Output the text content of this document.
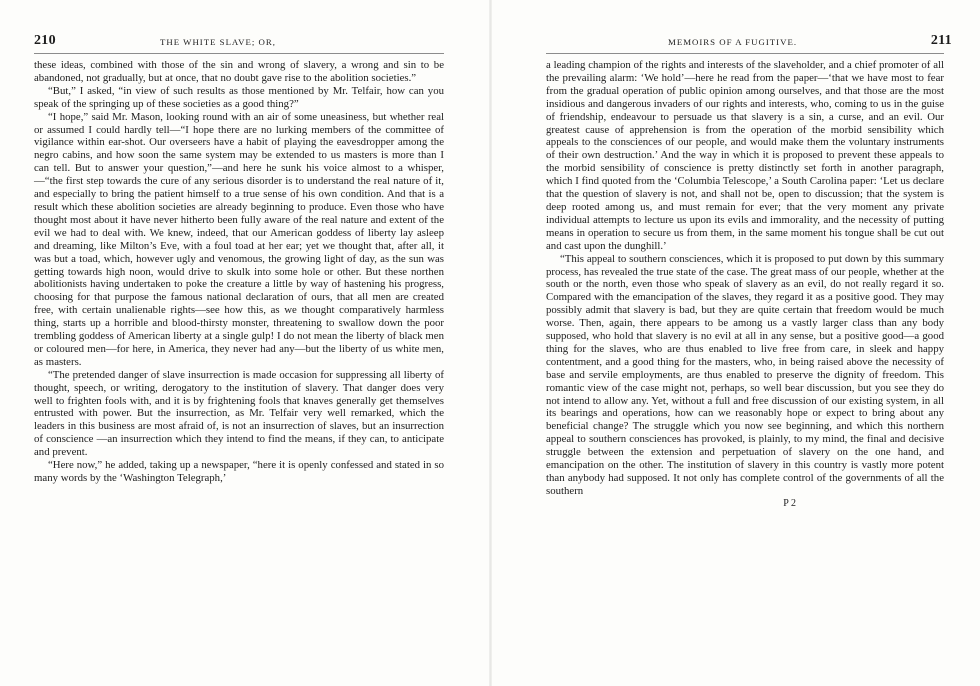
210	THE WHITE SLAVE; OR,

these ideas, combined with those of the sin and wrong of slavery, a wrong and sin to be abandoned, not gradually, but at once, that no doubt gave rise to the abolition societies.”

“But,” I asked, “in view of such results as those mentioned by Mr. Telfair, how can you speak of the springing up of these societies as a good thing?”

“I hope,” said Mr. Mason, looking round with an air of some uneasiness, but whether real or assumed I could hardly tell—“I hope there are no lurking members of the committee of vigilance within ear-shot. Our overseers have a habit of playing the eavesdropper among the negro cabins, and how soon the same system may be extended to us masters is more than I can tell. But to answer your question,”—and here he sunk his voice almost to a whisper,—“the first step towards the cure of any serious disorder is to understand the real nature of it, and especially to bring the patient himself to a true sense of his own condition. And that is a result which these abolition societies are already beginning to produce. Even those who have thought most about it have never hitherto been fully aware of the real nature and extent of the evil we had to deal with. We knew, indeed, that our American goddess of liberty lay asleep and dreaming, like Milton’s Eve, with a foul toad at her ear; yet we thought that, after all, it was but a toad, which, however ugly and venomous, the growing light of day, as the sun was getting towards high noon, would drive to skulk into some hole or other. But these northen abolitionists having undertaken to poke the creature a little by way of hastening his progress, choosing for that purpose the famous national declaration of ours, that all men are created free, with certain unalienable rights—see how this, as we thought comparatively harmless thing, starts up a horrible and blood-thirsty monster, threatening to swallow down the poor trembling goddess of American liberty at a single gulp! I do not mean the liberty of black men or coloured men—for here, in America, they never had any—but the liberty of us white men, as masters.

“The pretended danger of slave insurrection is made occasion for suppressing all liberty of thought, speech, or writing, derogatory to the institution of slavery. That danger does very well to frighten fools with, and it is by frightening fools that knaves generally get themselves entrusted with power. But the insurrection, as Mr. Telfair very well remarked, which the leaders in this business are most afraid of, is not an insurrection of slaves, but an insurrection of conscience —an insurrection which they intend to find the means, if they can, to anticipate and prevent.

“Here now,” he added, taking up a newspaper, “here it is openly confessed and stated in so many words by the ‘Washington Telegraph,’

MEMOIRS OF A FUGITIVE.	211

a leading champion of the rights and interests of the slaveholder, and a chief promoter of all the prevailing alarm: ‘We hold’—here he read from the paper—‘that we have most to fear from the gradual operation of public opinion among ourselves, and that those are the most insidious and dangerous invaders of our rights and interests, who, coming to us in the guise of friendship, endeavour to persuade us that slavery is a sin, a curse, and an evil. Our greatest cause of apprehension is from the operation of the morbid sensibility which appeals to the consciences of our people, and would make them the voluntary instruments of their own destruction.’ And the way in which it is proposed to prevent these appeals to the morbid sensibility of conscience is pretty distinctly set forth in another paragraph, which I find quoted from the ‘Columbia Telescope,’ a South Carolina paper: ‘Let us declare that the question of slavery is not, and shall not be, open to discussion; that the system is deep rooted among us, and must remain for ever; that the very moment any private individual attempts to lecture us upon its evils and immorality, and the necessity of putting means in operation to secure us from them, in the same moment his tongue shall be cut out and cast upon the dunghill.’

“This appeal to southern consciences, which it is proposed to put down by this summary process, has revealed the true state of the case. The great mass of our people, whether at the south or the north, even those who speak of slavery as an evil, do not really regard it so. Compared with the emancipation of the slaves, they regard it as a positive good. They may possibly admit that slavery is bad, but they are quite certain that freedom would be much worse. Then, again, there appears to be among us a vastly larger class than any body supposed, who hold that slavery is no evil at all in any sense, but a positive good—a good thing for the slaves, who are thus enabled to live free from care, in sleek and happy contentment, and a good thing for the masters, who, in being raised above the necessity of base and servile employments, are thus enabled to preserve the dignity of freedom. This romantic view of the case might not, perhaps, so well bear discussion, but you see they do not intend to allow any. Yet, without a full and free discussion of our existing system, in all its bearings and operations, how can we reasonably hope or expect to bring about any beneficial change? The struggle which you now see beginning, and which this northern appeal to southern consciences has provoked, is plainly, to my mind, the final and decisive struggle between the extension and perpetuation of slavery on the one hand, and emancipation on the other. The institution of slavery in this country is vastly more potent than anybody had supposed. It not only has complete control of the governments of all the southern

P 2
